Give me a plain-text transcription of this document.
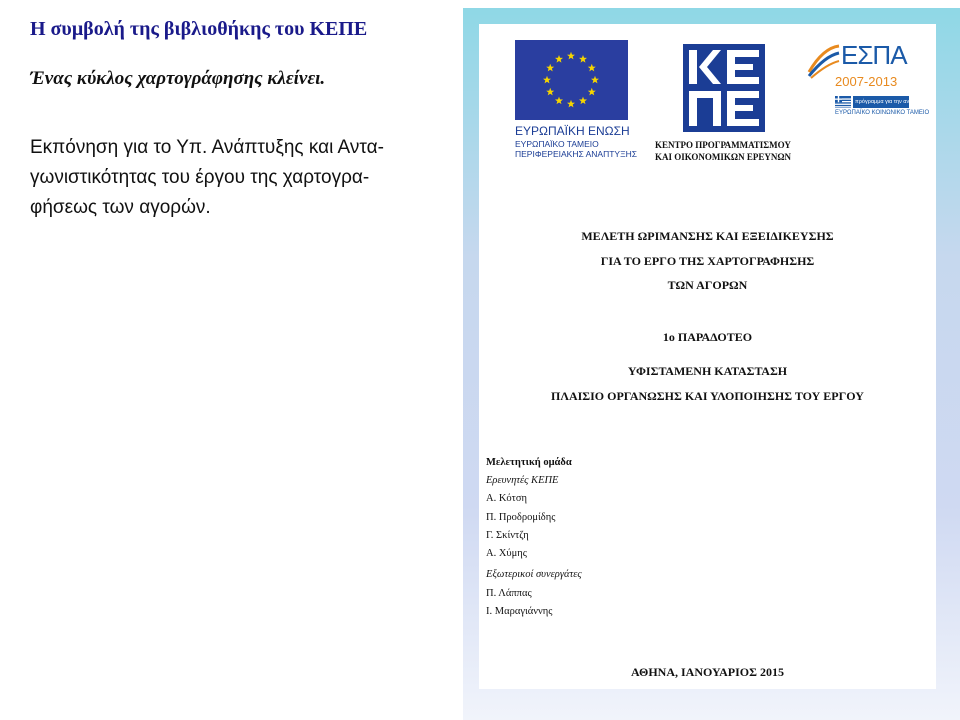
Η συμβολή της βιβλιοθήκης του ΚΕΠΕ
Ένας κύκλος χαρτογράφησης κλείνει.
Εκπόνηση για το Υπ. Ανάπτυξης και Αντα-
γωνιστικότητας του έργου της χαρτογρα-
φήσεως των αγορών.
ΕΥΡΩΠΑΪΚΗ ΕΝΩΣΗ
ΕΥΡΩΠΑΪΚΟ ΤΑΜΕΙΟ
ΠΕΡΙΦΕΡΕΙΑΚΗΣ ΑΝΑΠΤΥΞΗΣ
ΚΕΝΤΡΟ ΠΡΟΓΡΑΜΜΑΤΙΣΜΟΥ
ΚΑΙ ΟΙΚΟΝΟΜΙΚΩΝ ΕΡΕΥΝΩΝ
ΕΣΠΑ
2007-2013
πρόγραμμα για την ανάπτυξη
ΕΥΡΩΠΑΪΚΟ ΚΟΙΝΩΝΙΚΟ ΤΑΜΕΙΟ
ΜΕΛΕΤΗ ΩΡΙΜΑΝΣΗΣ ΚΑΙ ΕΞΕΙΔΙΚΕΥΣΗΣ
ΓΙΑ ΤΟ ΕΡΓΟ ΤΗΣ ΧΑΡΤΟΓΡΑΦΗΣΗΣ
ΤΩΝ ΑΓΟΡΩΝ
1ο ΠΑΡΑΔΟΤΕΟ
ΥΦΙΣΤΑΜΕΝΗ ΚΑΤΑΣΤΑΣΗ
ΠΛΑΙΣΙΟ ΟΡΓΑΝΩΣΗΣ ΚΑΙ ΥΛΟΠΟΙΗΣΗΣ ΤΟΥ ΕΡΓΟΥ
Μελετητική ομάδα
Ερευνητές ΚΕΠΕ
Α. Κότση
Π. Προδρομίδης
Γ. Σκίντζη
Α. Χύμης
Εξωτερικοί συνεργάτες
Π. Λάππας
Ι. Μαραγιάννης
ΑΘΗΝΑ, ΙΑΝΟΥΑΡΙΟΣ 2015
